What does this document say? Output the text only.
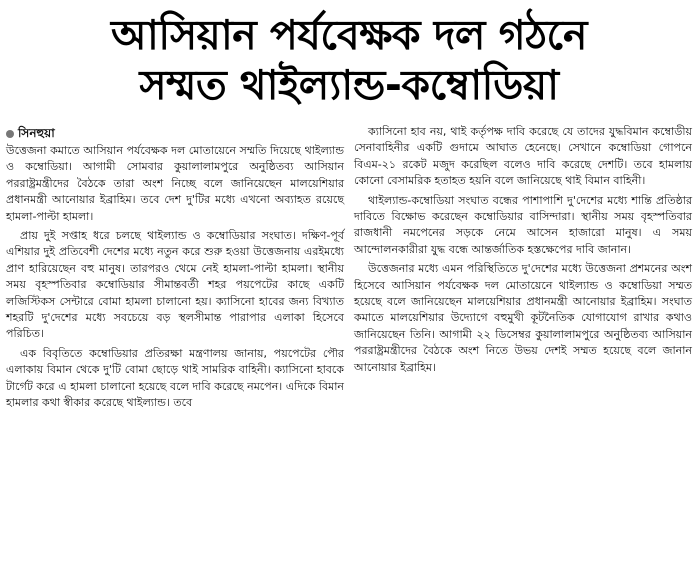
আসিয়ান পর্যবেক্ষক দল গঠনে
সম্মত থাইল্যান্ড-কম্বোডিয়া
সিনহুয়া

উত্তেজনা কমাতে আসিয়ান পর্যবেক্ষক দল মোতায়েনে সম্মতি দিয়েছে থাইল্যান্ড ও কম্বোডিয়া। আগামী সোমবার কুয়ালালামপুরে অনুষ্ঠিতব্য আসিয়ান পররাষ্ট্রমন্ত্রীদের বৈঠকে তারা অংশ নিচ্ছে বলে জানিয়েছেন মালয়েশিয়ার প্রধানমন্ত্রী আনোয়ার ইব্রাহিম। তবে দেশ দু'টির মধ্যে এখনো অব্যাহত রয়েছে হামলা-পাল্টা হামলা।

প্রায় দুই সপ্তাহ ধরে চলছে থাইল্যান্ড ও কম্বোডিয়ার সংঘাত। দক্ষিণ-পূর্ব এশিয়ার দুই প্রতিবেশী দেশের মধ্যে নতুন করে শুরু হওয়া উত্তেজনায় এরইমধ্যে প্রাণ হারিয়েছেন বহু মানুষ। তারপরও থেমে নেই হামলা-পাল্টা হামলা। স্থানীয় সময় বৃহস্পতিবার কম্বোডিয়ার সীমান্তবর্তী শহর পয়পেটের কাছে একটি লজিস্টিকস সেন্টারে বোমা হামলা চালানো হয়। ক্যাসিনো হাবের জন্য বিখ্যাত শহরটি দু'দেশের মধ্যে সবচেয়ে বড় স্থলসীমান্ত পারাপার এলাকা হিসেবে পরিচিত।

এক বিবৃতিতে কম্বোডিয়ার প্রতিরক্ষা মন্ত্রণালয় জানায়, পয়পেটের পৌর এলাকায় বিমান থেকে দু'টি বোমা ছোড়ে থাই সামরিক বাহিনী। ক্যাসিনো হাবকে টার্গেট করে এ হামলা চালানো হয়েছে বলে দাবি করেছে নমপেন। এদিকে বিমান হামলার কথা স্বীকার করেছে থাইল্যান্ড। তবে

ক্যাসিনো হাব নয়, থাই কর্তৃপক্ষ দাবি করেছে যে তাদের যুদ্ধবিমান কম্বোডীয় সেনাবাহিনীর একটি গুদামে আঘাত হেনেছে। সেখানে কম্বোডিয়া গোপনে বিএম-২১ রকেট মজুদ করেছিল বলেও দাবি করেছে দেশটি। তবে হামলায় কোনো বেসামরিক হতাহত হয়নি বলে জানিয়েছে থাই বিমান বাহিনী।

থাইল্যান্ড-কম্বোডিয়া সংঘাত বন্ধের পাশাপাশি দু'দেশের মধ্যে শান্তি প্রতিষ্ঠার দাবিতে বিক্ষোভ করেছেন কম্বোডিয়ার বাসিন্দারা। স্থানীয় সময় বৃহস্পতিবার রাজধানী নমপেনের সড়কে নেমে আসেন হাজারো মানুষ। এ সময় আন্দোলনকারীরা যুদ্ধ বন্ধে আন্তর্জাতিক হস্তক্ষেপের দাবি জানান।

উত্তেজনার মধ্যে এমন পরিস্থিতিতে দু'দেশের মধ্যে উত্তেজনা প্রশমনের অংশ হিসেবে আসিয়ান পর্যবেক্ষক দল মোতায়েনে থাইল্যান্ড ও কম্বোডিয়া সম্মত হয়েছে বলে জানিয়েছেন মালয়েশিয়ার প্রধানমন্ত্রী আনোয়ার ইব্রাহিম। সংঘাত কমাতে মালয়েশিয়ার উদ্যোগে বহুমুখী কূটনৈতিক যোগাযোগ রাখার কথাও জানিয়েছেন তিনি। আগামী ২২ ডিসেম্বর কুয়ালালামপুরে অনুষ্ঠিতব্য আসিয়ান পররাষ্ট্রমন্ত্রীদের বৈঠকে অংশ নিতে উভয় দেশই সম্মত হয়েছে বলে জানান আনোয়ার ইব্রাহিম।
